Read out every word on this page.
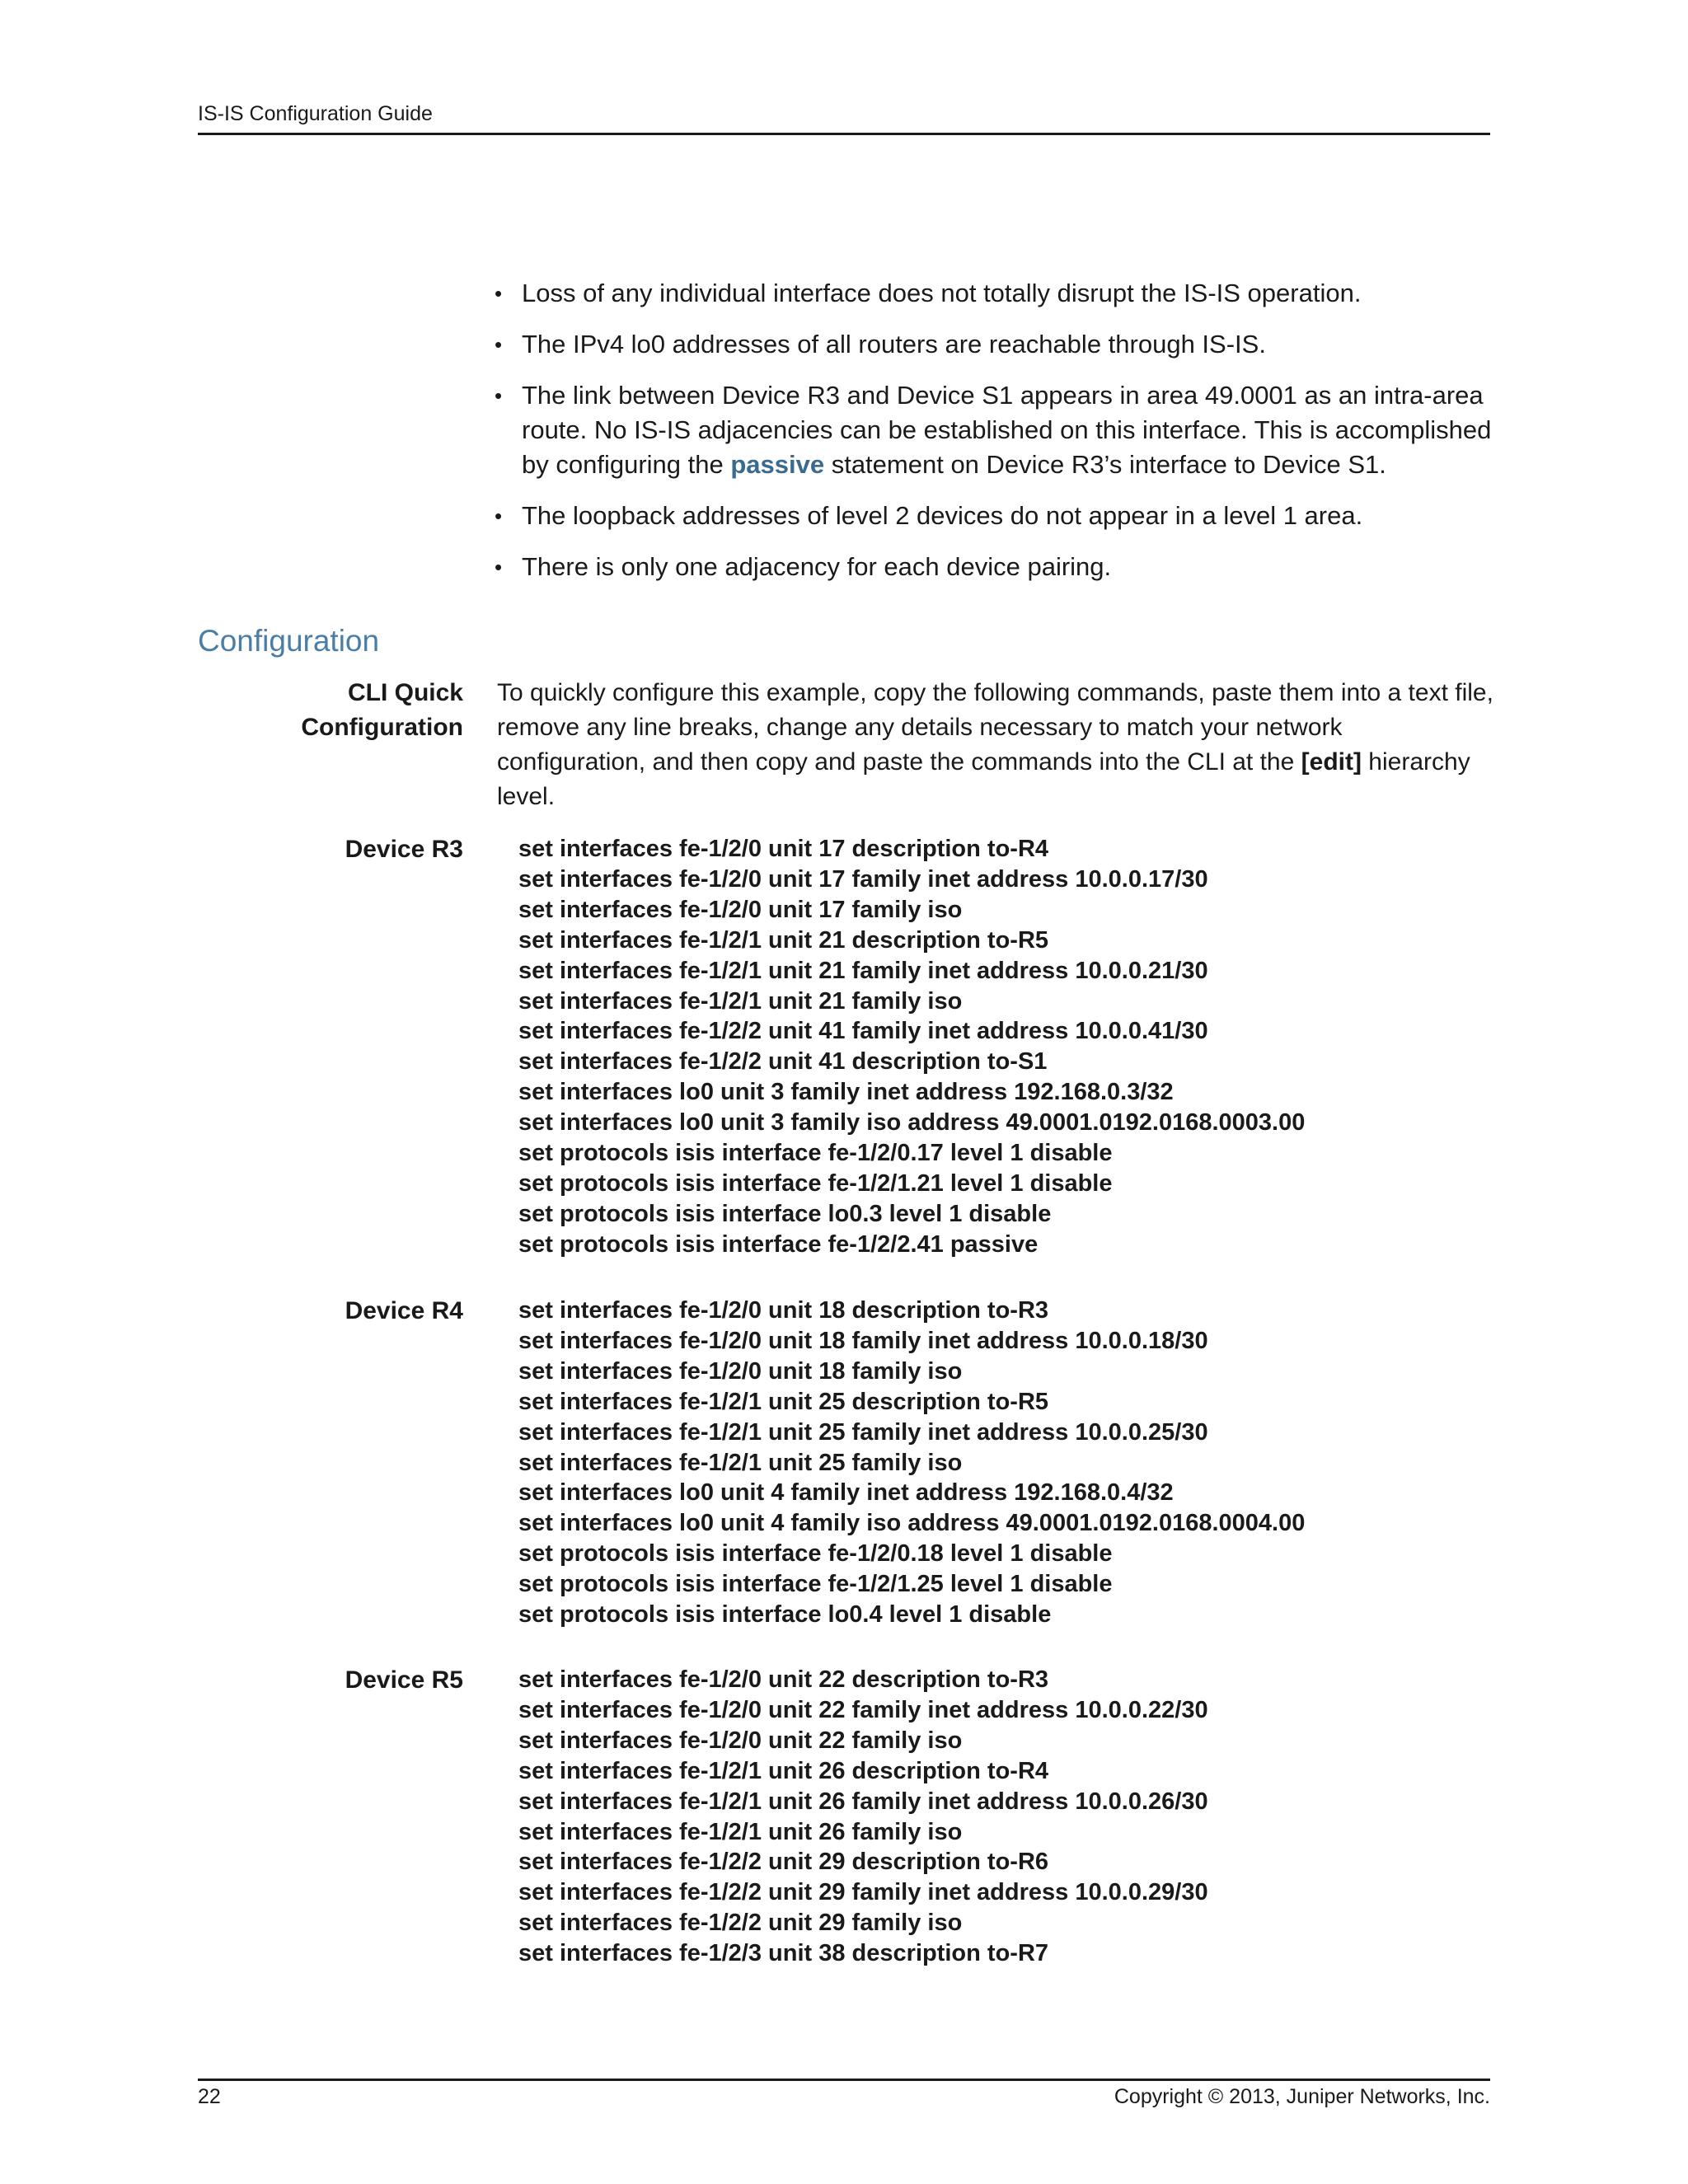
IS-IS Configuration Guide
• Loss of any individual interface does not totally disrupt the IS-IS operation.
• The IPv4 lo0 addresses of all routers are reachable through IS-IS.
• The link between Device R3 and Device S1 appears in area 49.0001 as an intra-area route. No IS-IS adjacencies can be established on this interface. This is accomplished by configuring the passive statement on Device R3’s interface to Device S1.
• The loopback addresses of level 2 devices do not appear in a level 1 area.
• There is only one adjacency for each device pairing.
Configuration
CLI Quick Configuration

To quickly configure this example, copy the following commands, paste them into a text file, remove any line breaks, change any details necessary to match your network configuration, and then copy and paste the commands into the CLI at the [edit] hierarchy level.

Device R3 set interfaces fe-1/2/0 unit 17 description to-R4
set interfaces fe-1/2/0 unit 17 family inet address 10.0.0.17/30
set interfaces fe-1/2/0 unit 17 family iso
set interfaces fe-1/2/1 unit 21 description to-R5
set interfaces fe-1/2/1 unit 21 family inet address 10.0.0.21/30
set interfaces fe-1/2/1 unit 21 family iso
set interfaces fe-1/2/2 unit 41 family inet address 10.0.0.41/30
set interfaces fe-1/2/2 unit 41 description to-S1
set interfaces lo0 unit 3 family inet address 192.168.0.3/32
set interfaces lo0 unit 3 family iso address 49.0001.0192.0168.0003.00
set protocols isis interface fe-1/2/0.17 level 1 disable
set protocols isis interface fe-1/2/1.21 level 1 disable
set protocols isis interface lo0.3 level 1 disable
set protocols isis interface fe-1/2/2.41 passive
Device R4 set interfaces fe-1/2/0 unit 18 description to-R3
set interfaces fe-1/2/0 unit 18 family inet address 10.0.0.18/30
set interfaces fe-1/2/0 unit 18 family iso
set interfaces fe-1/2/1 unit 25 description to-R5
set interfaces fe-1/2/1 unit 25 family inet address 10.0.0.25/30
set interfaces fe-1/2/1 unit 25 family iso
set interfaces lo0 unit 4 family inet address 192.168.0.4/32
set interfaces lo0 unit 4 family iso address 49.0001.0192.0168.0004.00
set protocols isis interface fe-1/2/0.18 level 1 disable
set protocols isis interface fe-1/2/1.25 level 1 disable
set protocols isis interface lo0.4 level 1 disable
Device R5 set interfaces fe-1/2/0 unit 22 description to-R3
set interfaces fe-1/2/0 unit 22 family inet address 10.0.0.22/30
set interfaces fe-1/2/0 unit 22 family iso
set interfaces fe-1/2/1 unit 26 description to-R4
set interfaces fe-1/2/1 unit 26 family inet address 10.0.0.26/30
set interfaces fe-1/2/1 unit 26 family iso
set interfaces fe-1/2/2 unit 29 description to-R6
set interfaces fe-1/2/2 unit 29 family inet address 10.0.0.29/30
set interfaces fe-1/2/2 unit 29 family iso
set interfaces fe-1/2/3 unit 38 description to-R7
22	Copyright © 2013, Juniper Networks, Inc.
